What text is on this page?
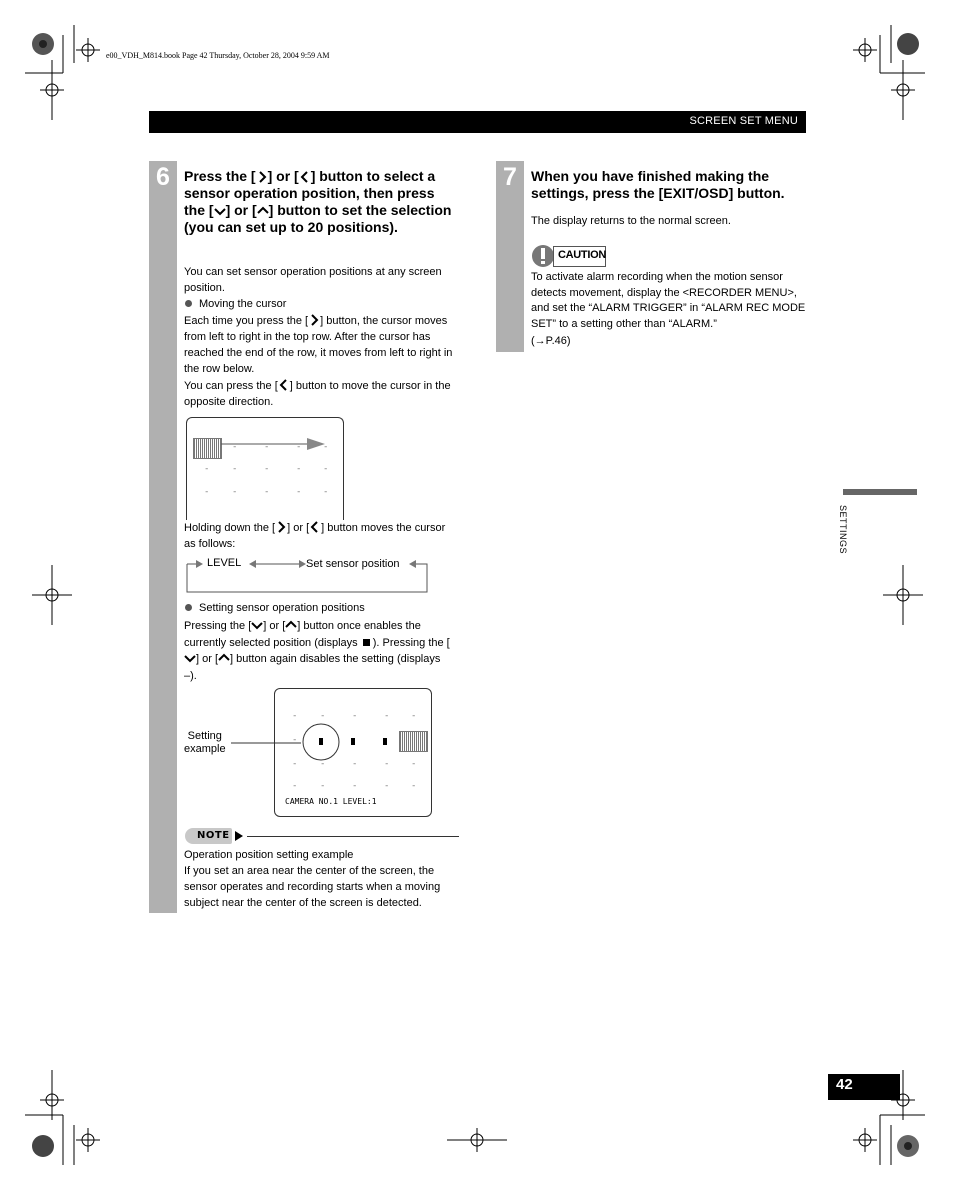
e00_VDH_M814.book Page 42 Thursday, October 28, 2004 9:59 AM
SCREEN SET MENU
6	Press the [ ] or [ ] button to select a sensor operation position, then press the [ ] or [ ] button to set the selection (you can set up to 20 positions).
You can set sensor operation positions at any screen position.
Moving the cursor
Each time you press the [ ] button, the cursor moves from left to right in the top row. After the cursor has reached the end of the row, it moves from left to right in the row below.
You can press the [ ] button to move the cursor in the opposite direction.
-	-	- -
-	-	-	- -
-	-	-	- -
Holding down the [ ] or [ ] button moves the cursor as follows:
LEVEL	Set sensor position
Setting sensor operation positions
Pressing the [ ] or [ ] button once enables the currently selected position (displays
). Pressing the [
] or [ ] button again disables the setting (displays –).
-	-	-	- -
-
-	-	-	- -
-	-	-	- -
CAMERA NO.1 LEVEL:1
Setting
example
NOTE
Operation position setting example
If you set an area near the center of the screen, the sensor operates and recording starts when a moving subject near the center of the screen is detected.
7	When you have finished making the settings, press the [EXIT/OSD] button.
The display returns to the normal screen.
CAUTION
To activate alarm recording when the motion sensor detects movement, display the <RECORDER MENU>, and set the “ALARM TRIGGER” in “ALARM REC MODE SET” to a setting other than “ALARM.”
(→P.46)
SETTINGS
42
